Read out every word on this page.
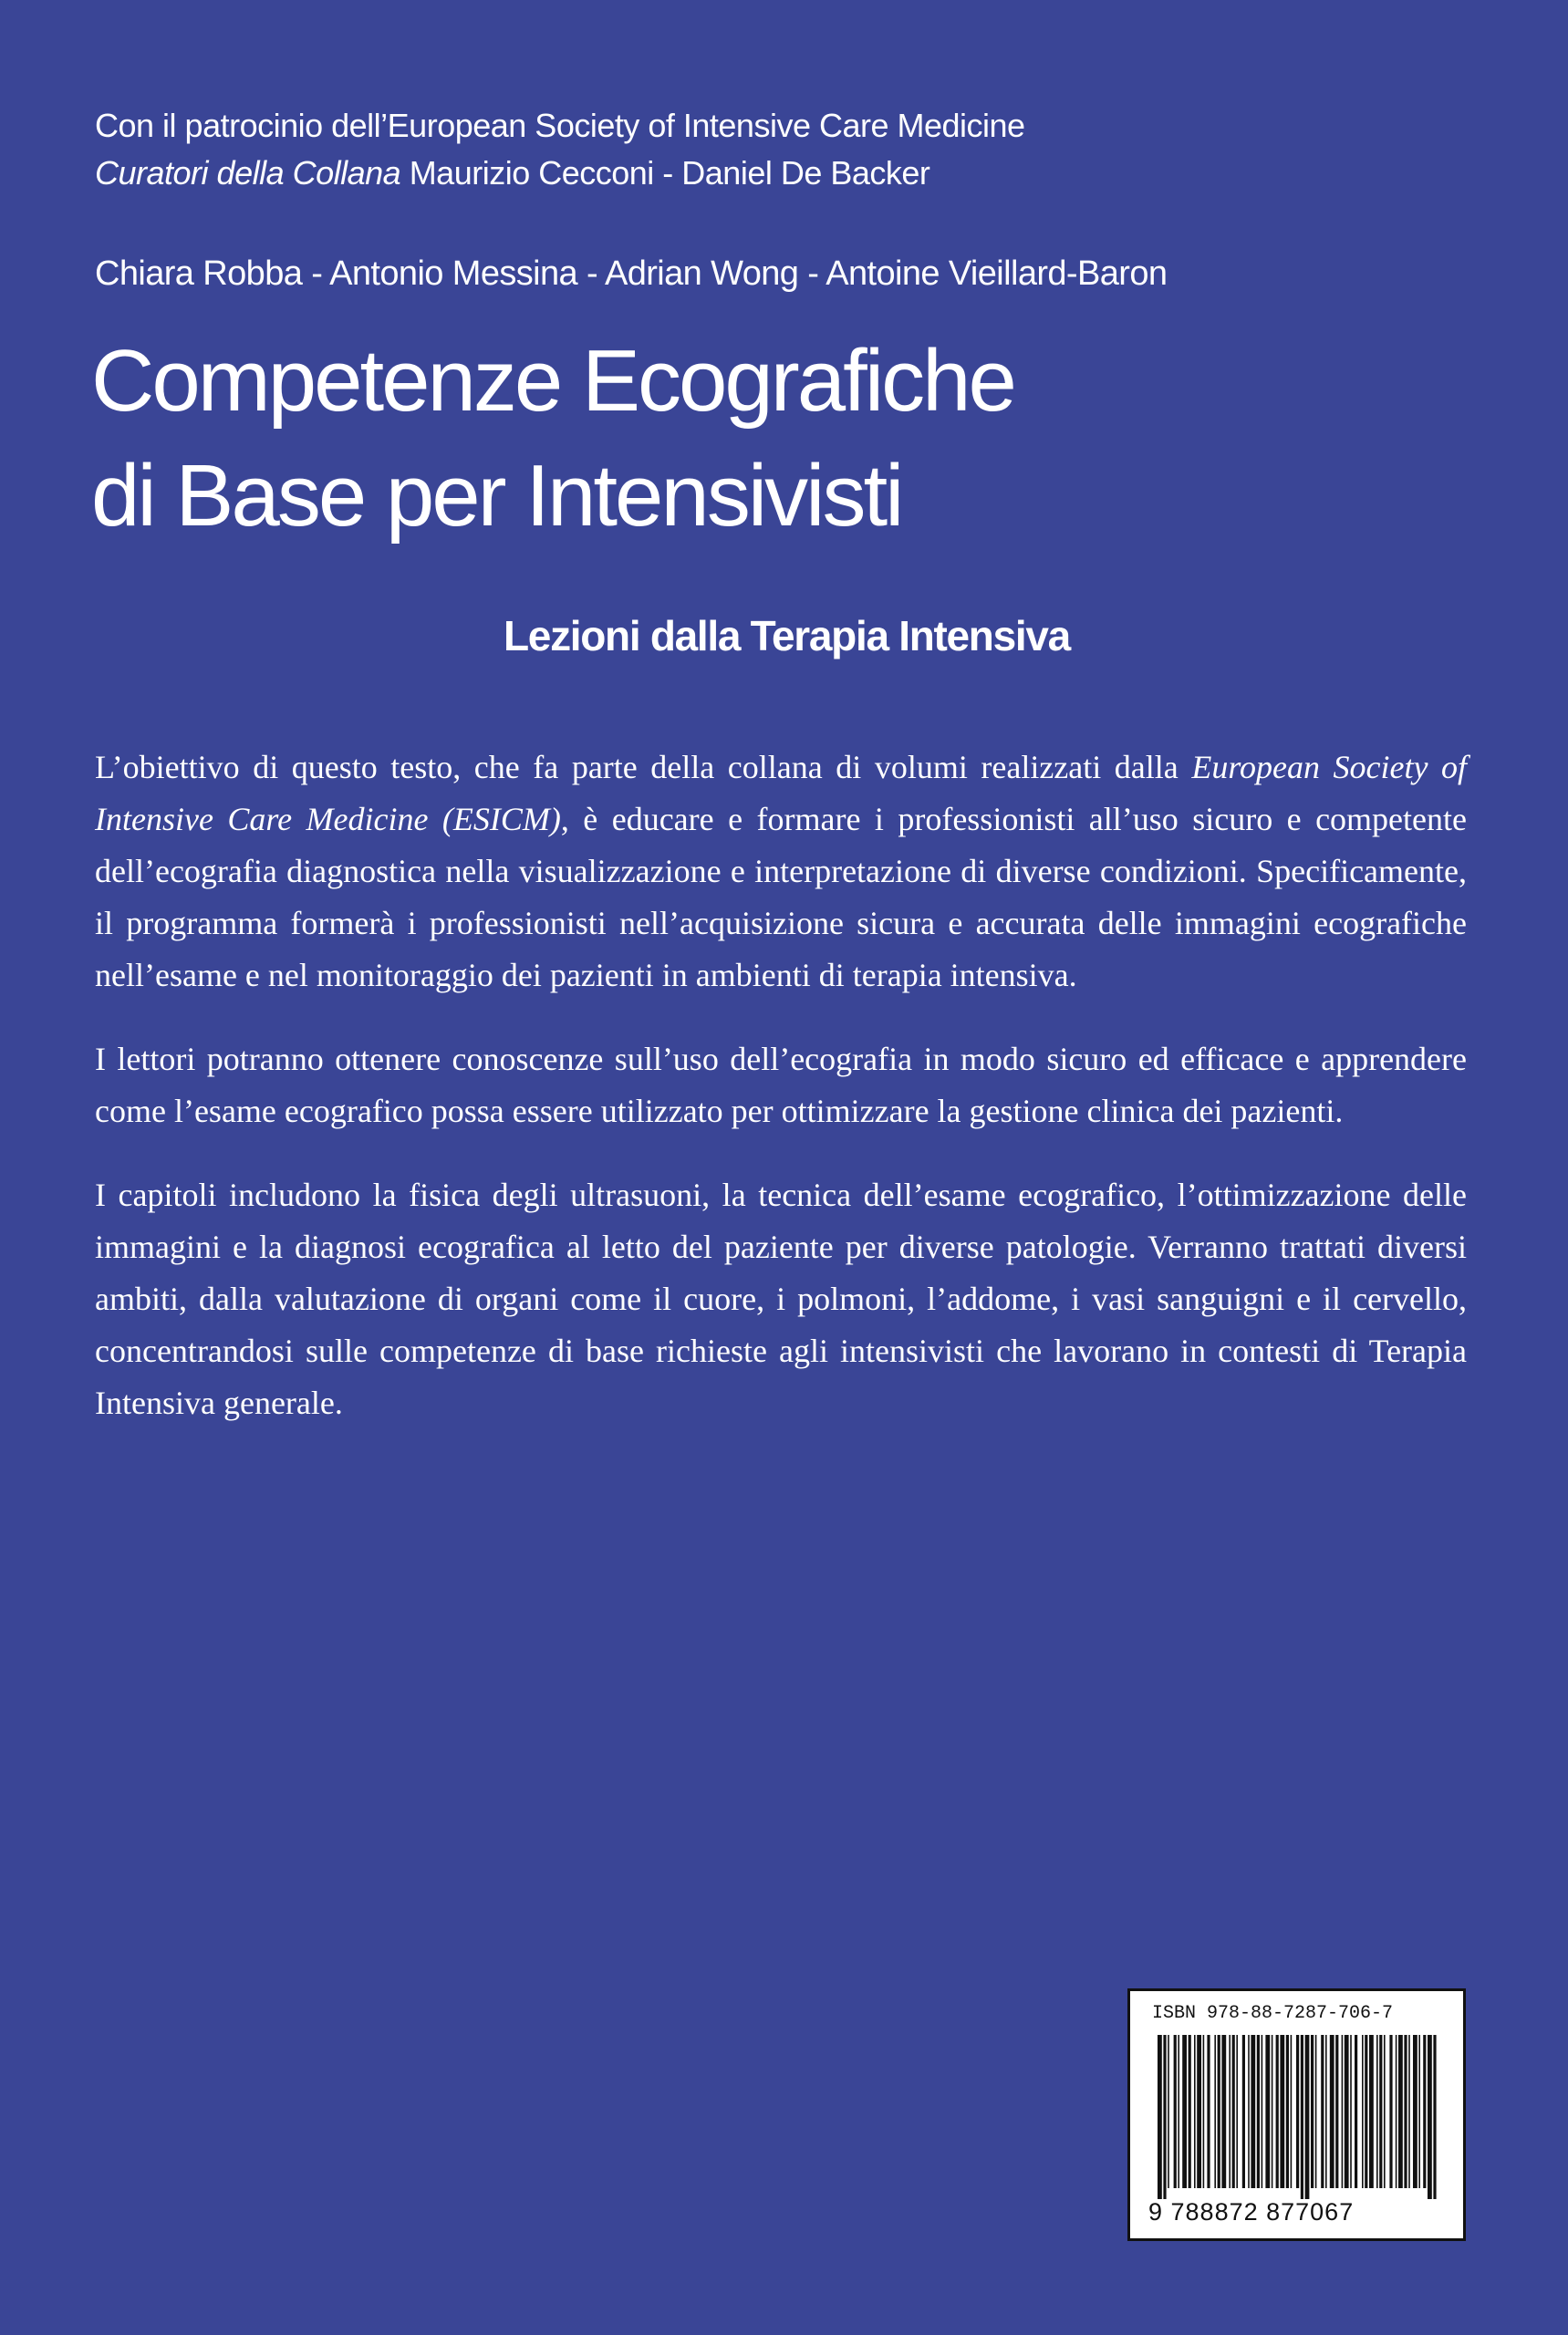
Con il patrocinio dell’European Society of Intensive Care Medicine
Curatori della Collana Maurizio Cecconi - Daniel De Backer
Chiara Robba - Antonio Messina - Adrian Wong - Antoine Vieillard-Baron
Competenze Ecografiche
di Base per Intensivisti
Lezioni dalla Terapia Intensiva

L’obiettivo di questo testo, che fa parte della collana di volumi realizzati dalla European Society of Intensive Care Medicine (ESICM), è educare e formare i professionisti all’uso sicuro e competente dell’ecografia diagnostica nella visualizzazione e interpretazione di diverse condizioni. Specificamente, il programma formerà i professionisti nell’acquisizione sicura e accurata delle immagini ecografiche nell’esame e nel monitoraggio dei pazienti in ambienti di terapia intensiva.

I lettori potranno ottenere conoscenze sull’uso dell’ecografia in modo sicuro ed efficace e apprendere come l’esame ecografico possa essere utilizzato per ottimizzare la gestione clinica dei pazienti.

I capitoli includono la fisica degli ultrasuoni, la tecnica dell’esame ecografico, l’ottimizzazione delle immagini e la diagnosi ecografica al letto del paziente per diverse patologie. Verranno trattati diversi ambiti, dalla valutazione di organi come il cuore, i polmoni, l’addome, i vasi sanguigni e il cervello, concentrandosi sulle competenze di base richieste agli intensivisti che lavorano in contesti di Terapia Intensiva generale.

ISBN 978-88-7287-706-7
9 788872 877067
